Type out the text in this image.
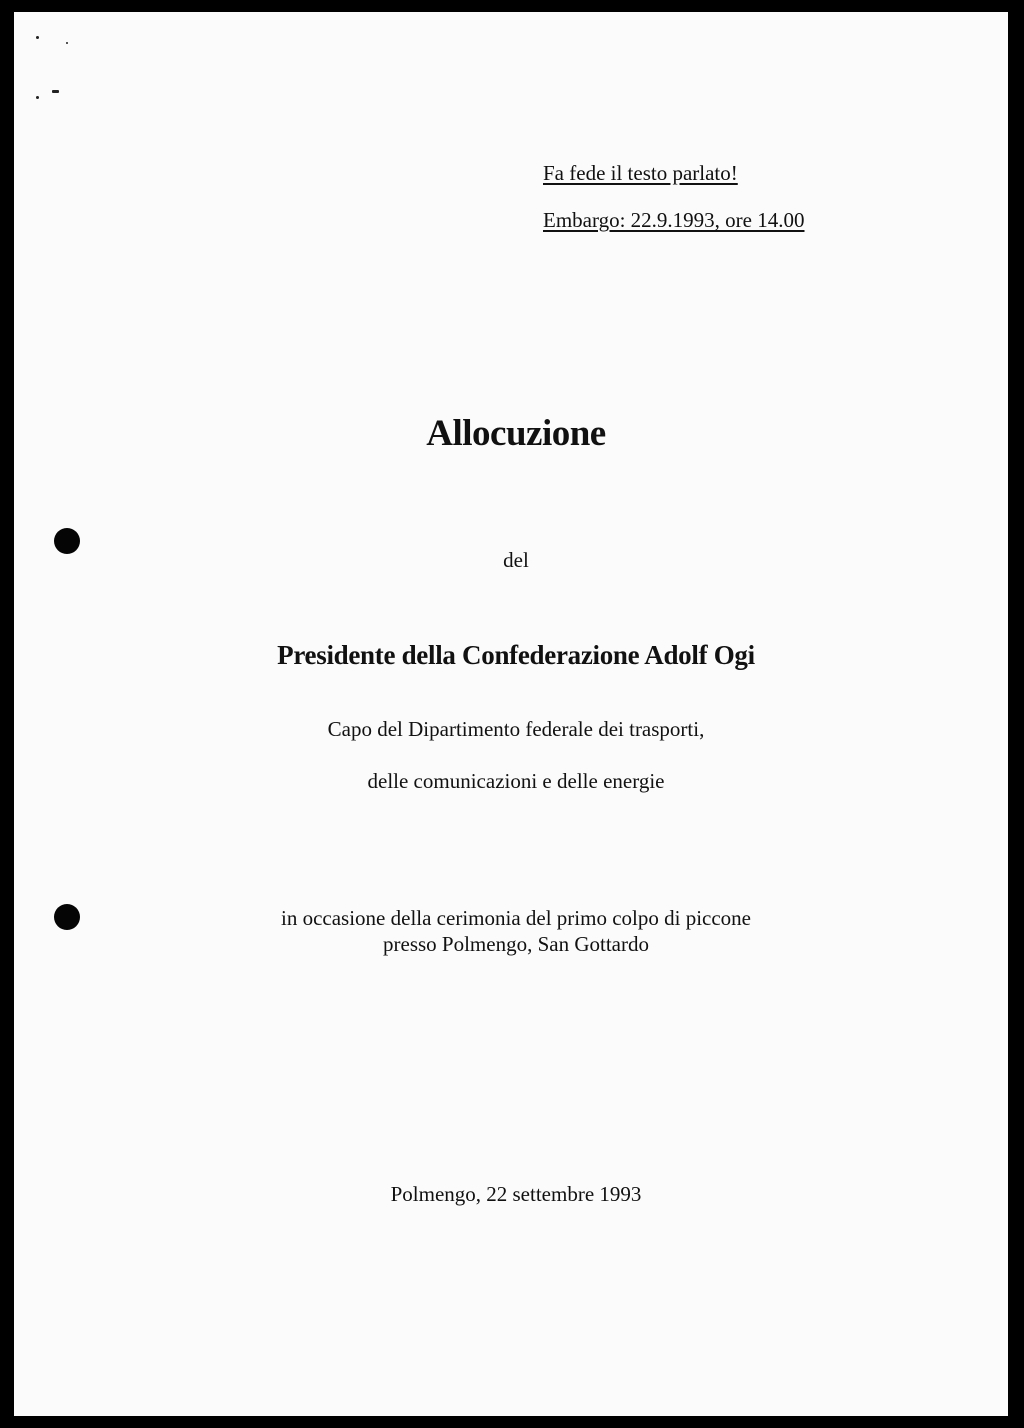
Fa fede il testo parlato!
Embargo: 22.9.1993, ore 14.00
Allocuzione
del
Presidente della Confederazione Adolf Ogi
Capo del Dipartimento federale dei trasporti,
delle comunicazioni e delle energie
in occasione della cerimonia del primo colpo di piccone
presso Polmengo, San Gottardo
Polmengo, 22 settembre 1993
